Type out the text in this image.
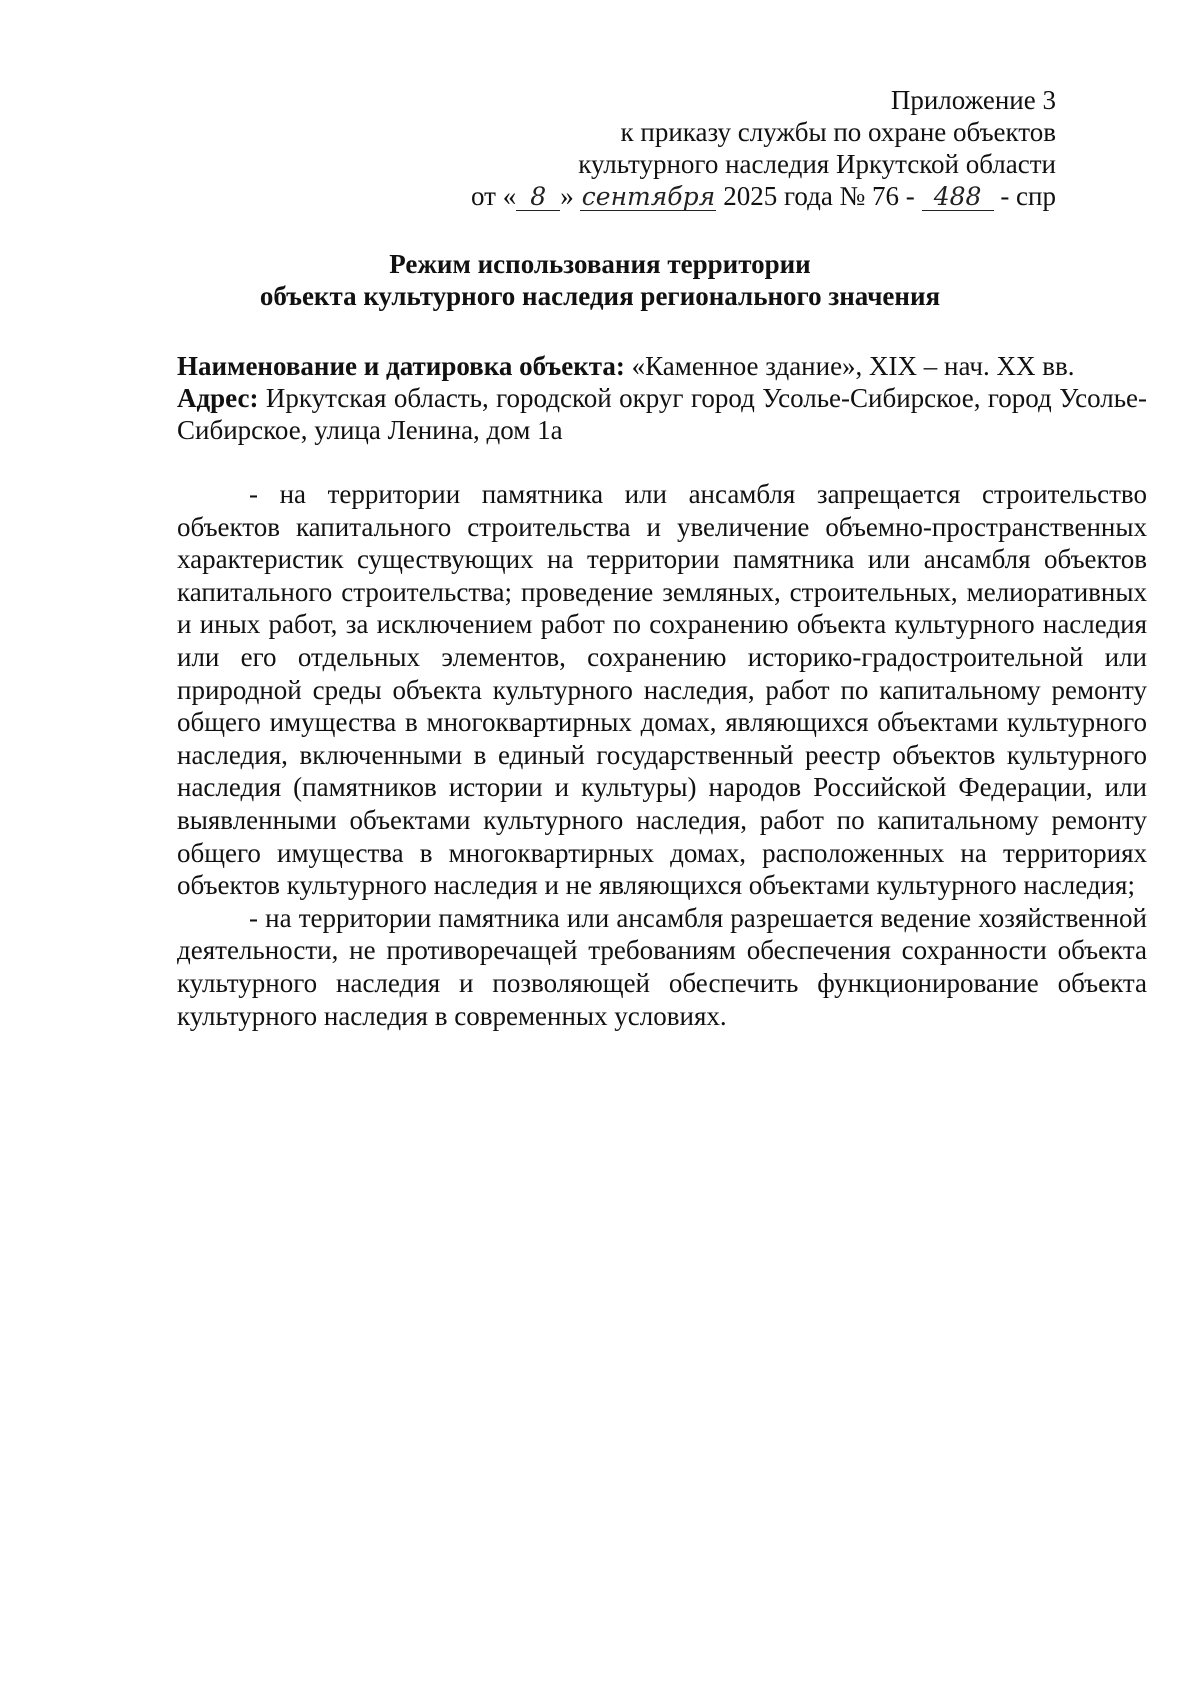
Приложение 3
к приказу службы по охране объектов
культурного наследия Иркутской области
от « 8 » сентября 2025 года № 76 - 488 - спр
Режим использования территории
объекта культурного наследия регионального значения

Наименование и датировка объекта: «Каменное здание», XIX – нач. XX вв.

Адрес: Иркутская область, городской округ город Усолье-Сибирское, город Усолье-Сибирское, улица Ленина, дом 1а

- на территории памятника или ансамбля запрещается строительство объектов капитального строительства и увеличение объемно-пространственных характеристик существующих на территории памятника или ансамбля объектов капитального строительства; проведение земляных, строительных, мелиоративных и иных работ, за исключением работ по сохранению объекта культурного наследия или его отдельных элементов, сохранению историко-градостроительной или природной среды объекта культурного наследия, работ по капитальному ремонту общего имущества в многоквартирных домах, являющихся объектами культурного наследия, включенными в единый государственный реестр объектов культурного наследия (памятников истории и культуры) народов Российской Федерации, или выявленными объектами культурного наследия, работ по капитальному ремонту общего имущества в многоквартирных домах, расположенных на территориях объектов культурного наследия и не являющихся объектами культурного наследия;

- на территории памятника или ансамбля разрешается ведение хозяйственной деятельности, не противоречащей требованиям обеспечения сохранности объекта культурного наследия и позволяющей обеспечить функционирование объекта культурного наследия в современных условиях.
